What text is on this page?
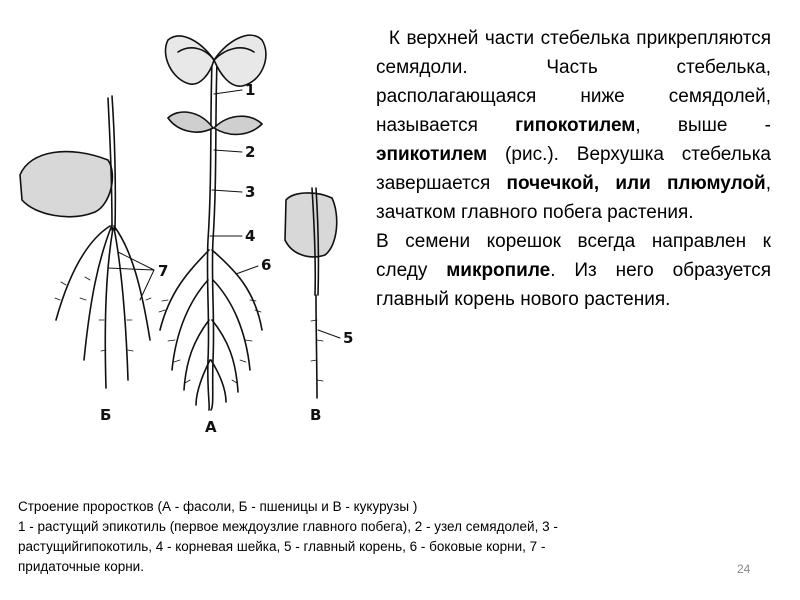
1
2
3
4
6
5
7
А
Б	В

К верхней части стебелька прикрепляются семядоли. Часть стебелька, располагающаяся ниже семядолей, называется гипокотилем, выше - эпикотилем (рис.). Верхушка стебелька завершается почечкой, или плюмулой, зачатком главного побега растения.

В семени корешок всегда направлен к следу микропиле. Из него образуется главный корень нового растения.

Строение проростков (А - фасоли, Б - пшеницы и В - кукурузы )

1 - растущий эпикотиль (первое междоузлие главного побега), 2 - узел семядолей, 3 - растущийгипокотиль, 4 - корневая шейка, 5 - главный корень, 6 - боковые корни, 7 - придаточные корни.	24
